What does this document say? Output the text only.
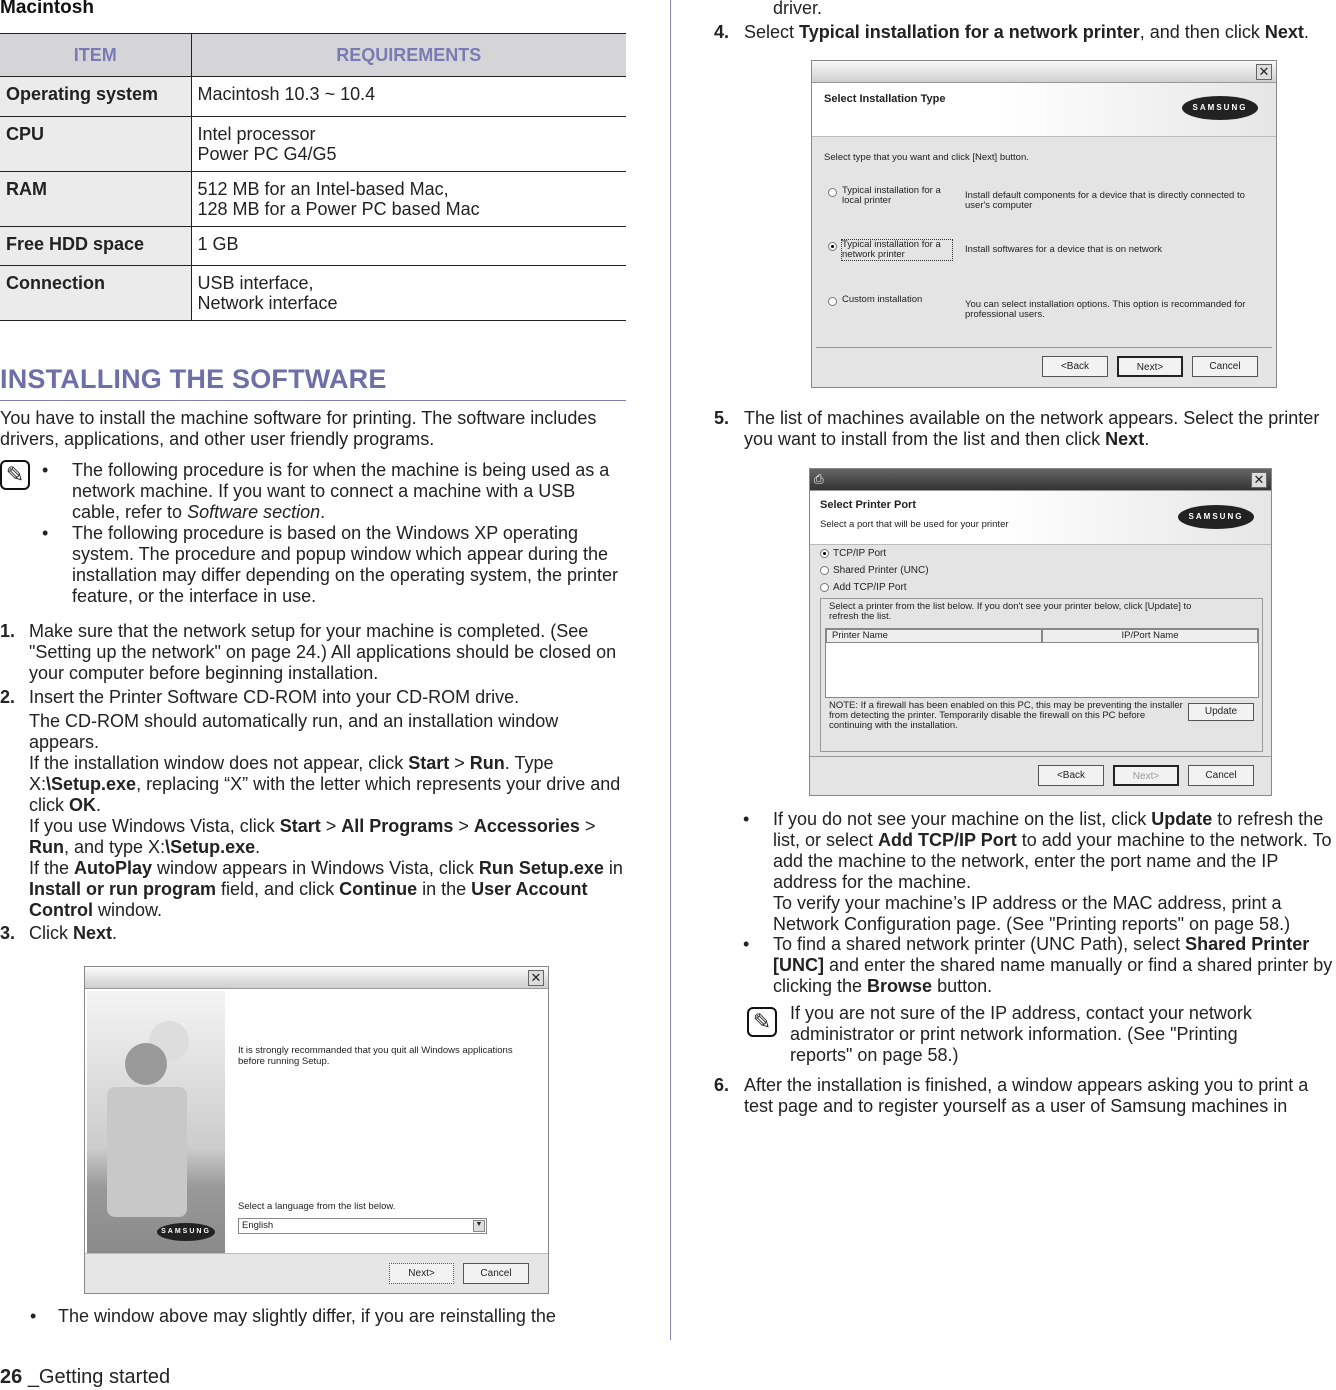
Macintosh
ITEM	REQUIREMENTS
Operating system	Macintosh 10.3 ~ 10.4

CPU	Intel processor
Power PC G4/G5

RAM	512 MB for an Intel-based Mac,
128 MB for a Power PC based Mac

Free HDD space	1 GB

Connection	USB interface,
Network interface
INSTALLING THE SOFTWARE
You have to install the machine software for printing. The software includes drivers, applications, and other user friendly programs.
✎ • The following procedure is for when the machine is being used as a network machine. If you want to connect a machine with a USB cable, refer to Software section.
• The following procedure is based on the Windows XP operating system. The procedure and popup window which appear during the installation may differ depending on the operating system, the printer feature, or the interface in use.
1. Make sure that the network setup for your machine is completed. (See "Setting up the network" on page 24.) All applications should be closed on your computer before beginning installation.
2. Insert the Printer Software CD-ROM into your CD-ROM drive.
The CD-ROM should automatically run, and an installation window appears.
If the installation window does not appear, click Start > Run. Type X:\Setup.exe, replacing “X” with the letter which represents your drive and click OK.
If you use Windows Vista, click Start > All Programs > Accessories > Run, and type X:\Setup.exe.
If the AutoPlay window appears in Windows Vista, click Run Setup.exe in Install or run program field, and click Continue in the User Account Control window.
3. Click Next.
✕
SAMSUNG
It is strongly recommanded that you quit all Windows applications before running Setup.
Select a language from the list below.
English	▼
Next>	Cancel
• The window above may slightly differ, if you are reinstalling the
26 _Getting started
driver.
4. Select Typical installation for a network printer, and then click Next.
✕
Select Installation Type
SAMSUNG
Select type that you want and click [Next] button.
Typical installation for a local printer	Install default components for a device that is directly connected to user's computer
Typical installation for a network printer	Install softwares for a device that is on network
Custom installation	You can select installation options. This option is recommanded for professional users.
<Back	Next>	Cancel
5. The list of machines available on the network appears. Select the printer you want to install from the list and then click Next.
⎙	✕
Select Printer Port
Select a port that will be used for your printer
SAMSUNG
TCP/IP Port
Shared Printer (UNC)
Add TCP/IP Port
Select a printer from the list below. If you don't see your printer below, click [Update] to refresh the list.
Printer Name	IP/Port Name
NOTE: If a firewall has been enabled on this PC, this may be preventing the installer from detecting the printer. Temporarily disable the firewall on this PC before continuing with the installation.
Update
<Back	Next>	Cancel
• If you do not see your machine on the list, click Update to refresh the list, or select Add TCP/IP Port to add your machine to the network. To add the machine to the network, enter the port name and the IP address for the machine.
To verify your machine’s IP address or the MAC address, print a Network Configuration page. (See "Printing reports" on page 58.)
• To find a shared network printer (UNC Path), select Shared Printer [UNC] and enter the shared name manually or find a shared printer by clicking the Browse button.
✎	If you are not sure of the IP address, contact your network administrator or print network information. (See "Printing reports" on page 58.)
6. After the installation is finished, a window appears asking you to print a test page and to register yourself as a user of Samsung machines in
